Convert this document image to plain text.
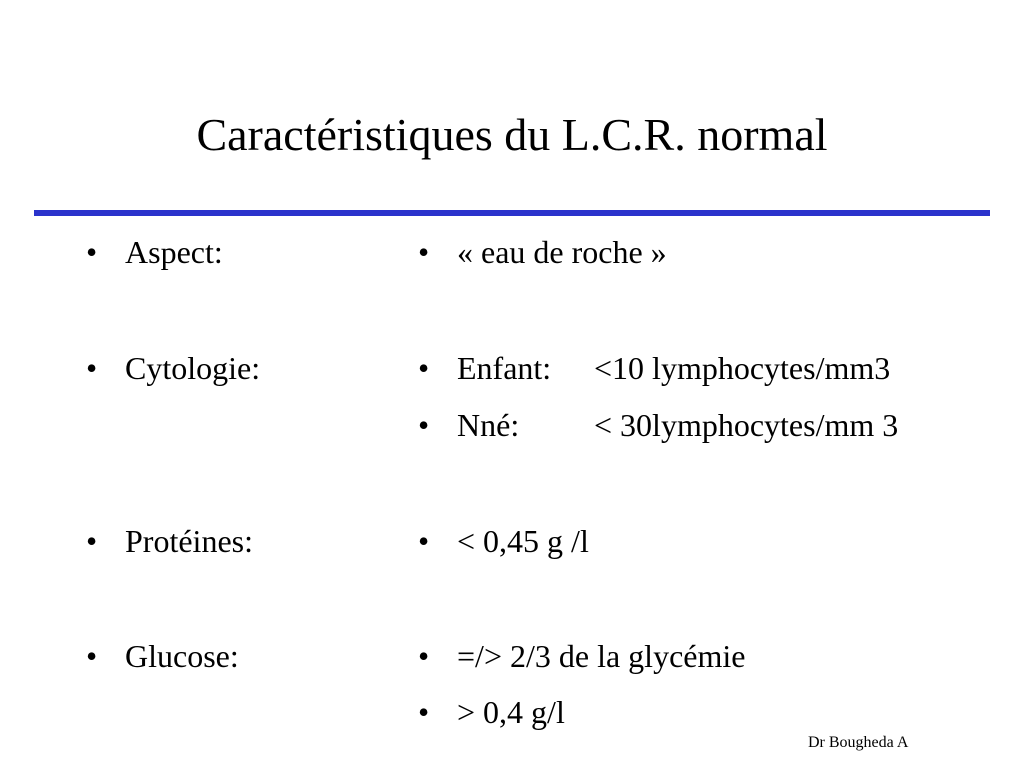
Caractéristiques du L.C.R. normal
• Aspect:
• Cytologie:
• Protéines:
• Glucose:
• « eau de roche »
• Enfant: <10 lymphocytes/mm3
• Nné: < 30lymphocytes/mm 3
• < 0,45 g /l
• =/> 2/3 de la glycémie
• > 0,4 g/l
Dr Bougheda A
